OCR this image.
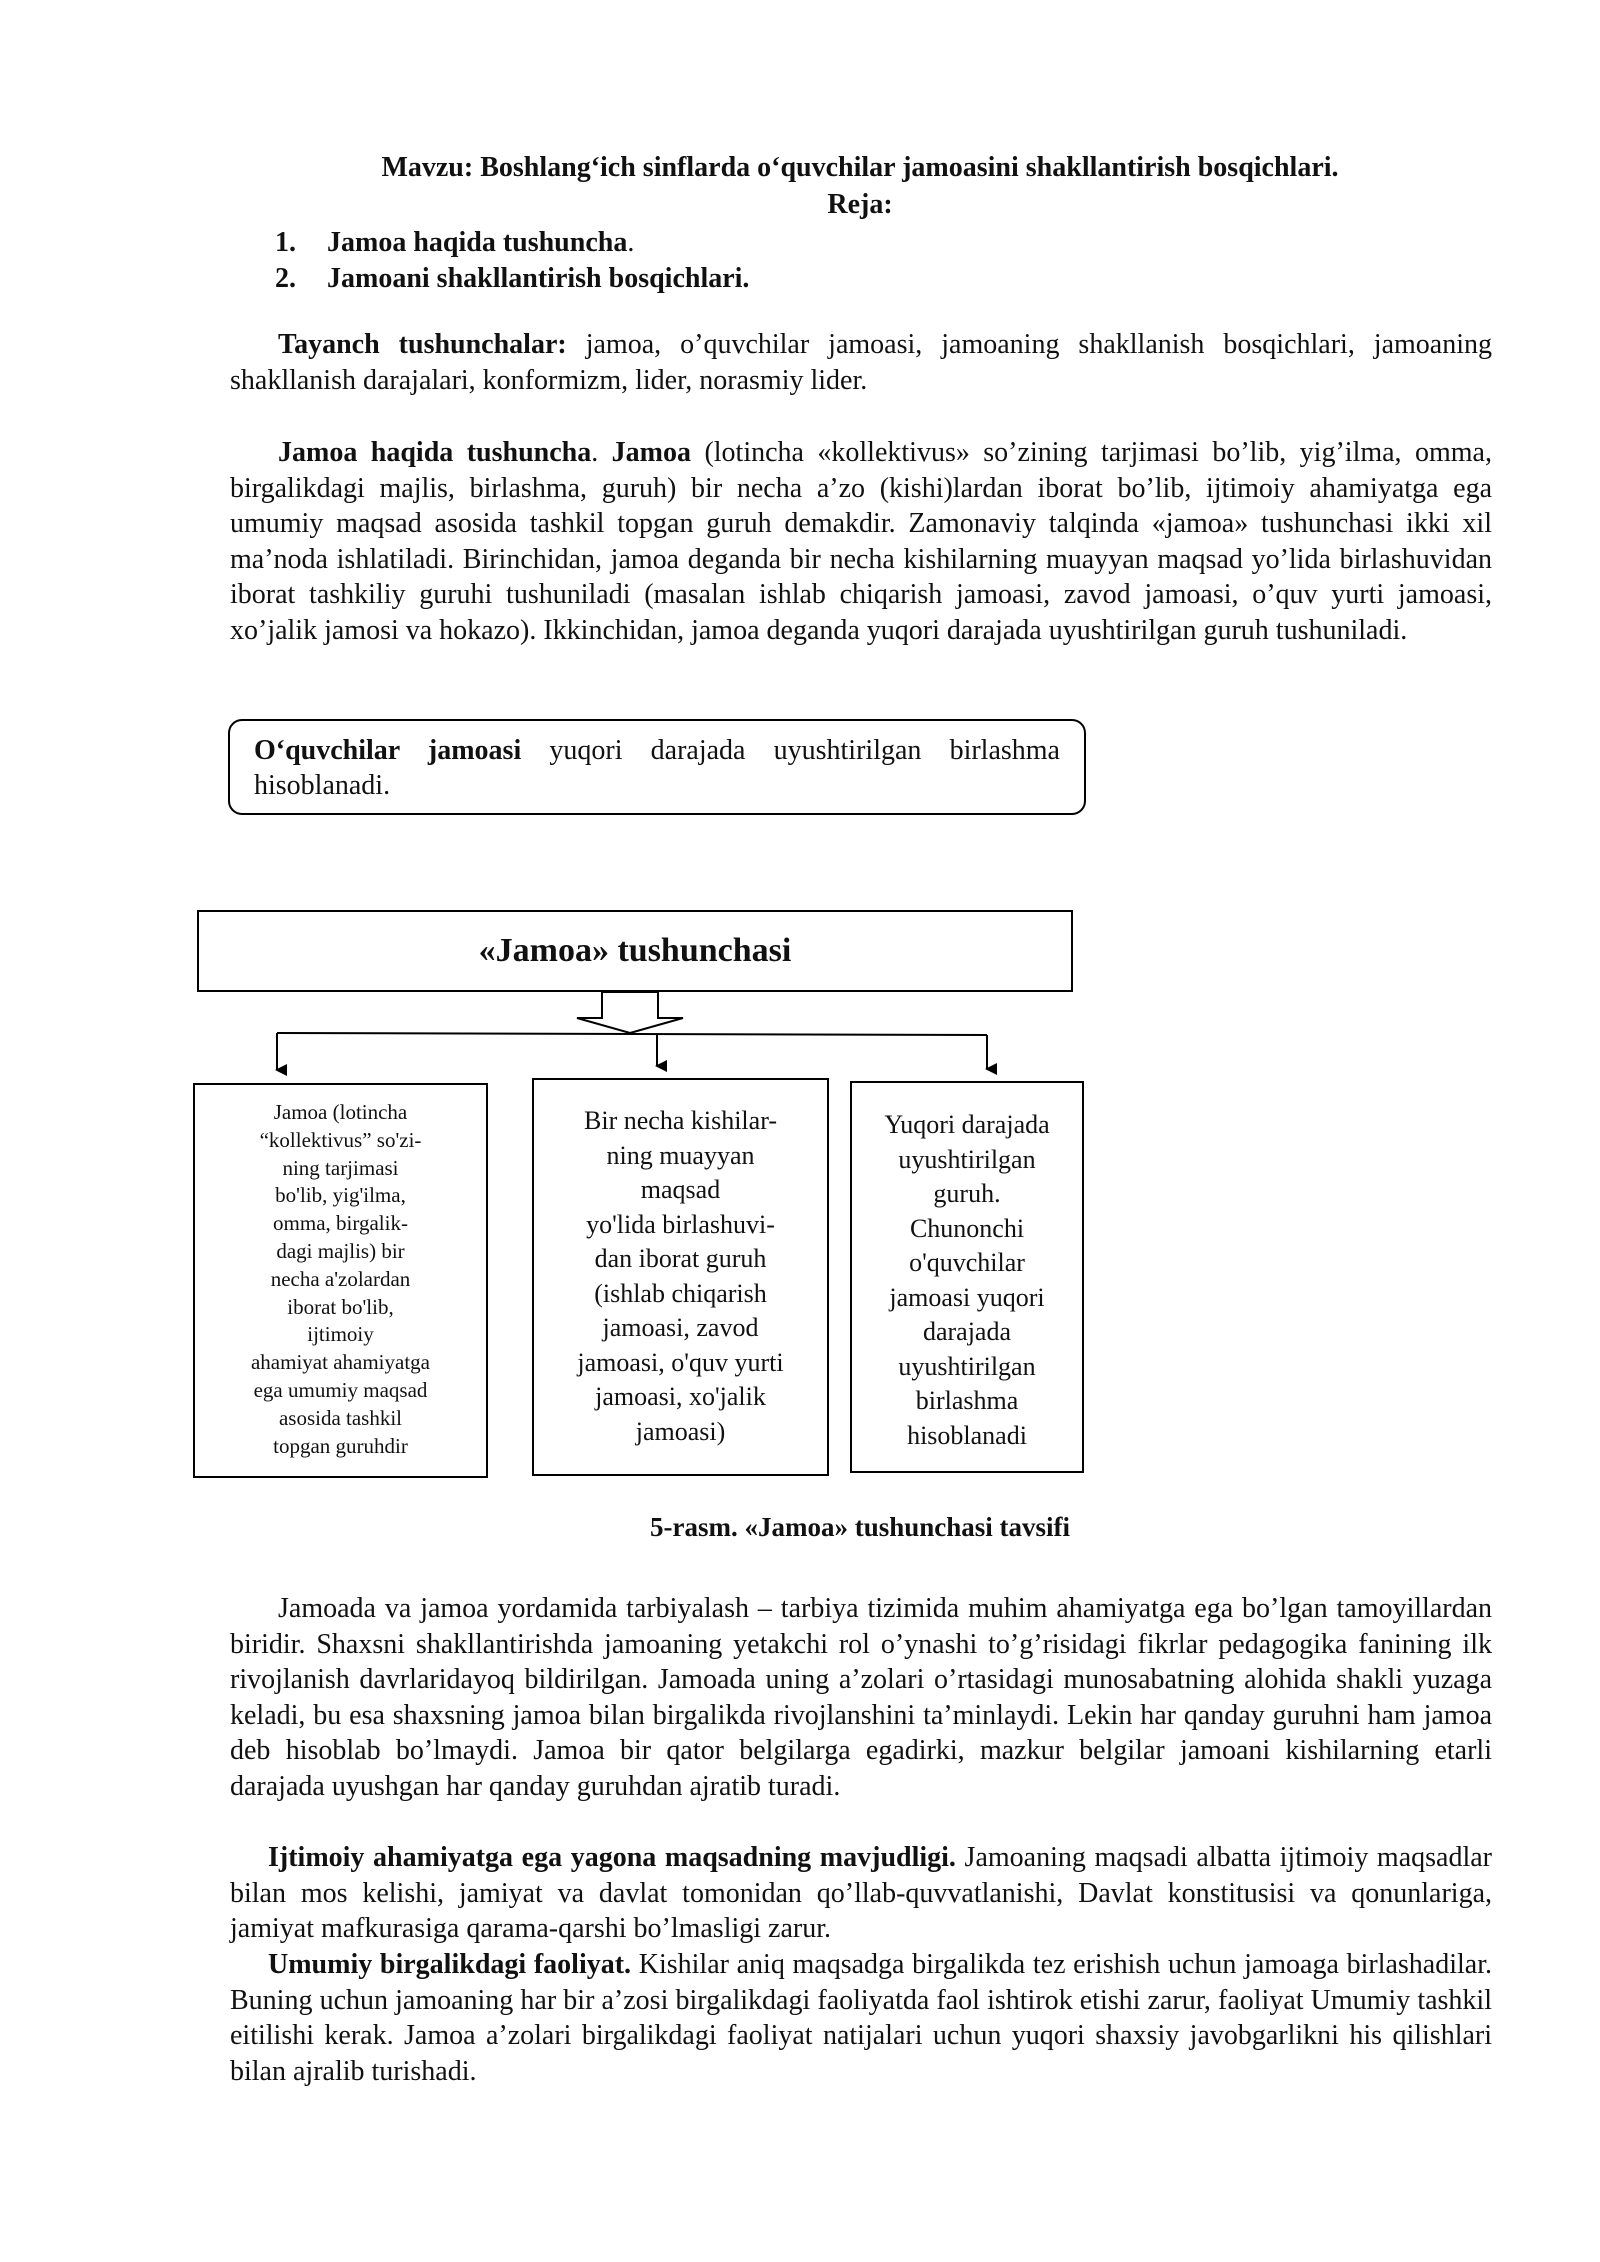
Mavzu: Boshlang‘ich sinflarda o‘quvchilar jamoasini shakllantirish bosqichlari.
Reja:
1. Jamoa haqida tushuncha.
2. Jamoani shakllantirish bosqichlari.

Tayanch tushunchalar: jamoa, o’quvchilar jamoasi, jamoaning shakllanish bosqichlari, jamoaning shakllanish darajalari, konformizm, lider, norasmiy lider.

Jamoa haqida tushuncha. Jamoa (lotincha «kollektivus» so’zining tarjimasi bo’lib, yig’ilma, omma, birgalikdagi majlis, birlashma, guruh) bir necha a’zo (kishi)lardan iborat bo’lib, ijtimoiy ahamiyatga ega umumiy maqsad asosida tashkil topgan guruh demakdir. Zamonaviy talqinda «jamoa» tushunchasi ikki xil ma’noda ishlatiladi. Birinchidan, jamoa deganda bir necha kishilarning muayyan maqsad yo’lida birlashuvidan iborat tashkiliy guruhi tushuniladi (masalan ishlab chiqarish jamoasi, zavod jamoasi, o’quv yurti jamoasi, xo’jalik jamosi va hokazo). Ikkinchidan, jamoa deganda yuqori darajada uyushtirilgan guruh tushuniladi.

O‘quvchilar jamoasi yuqori darajada uyushtirilgan birlashma hisoblanadi.
«Jamoa» tushunchasi
Jamoa (lotincha
“kollektivus” so'zi-
ning tarjimasi
bo'lib, yig'ilma,
omma, birgalik-
dagi majlis) bir
necha a'zolardan
iborat bo'lib,
ijtimoiy
ahamiyat ahamiyatga
ega umumiy maqsad
asosida tashkil
topgan guruhdir
Bir necha kishilar-
ning muayyan
maqsad
yo'lida birlashuvi-
dan iborat guruh
(ishlab chiqarish
jamoasi, zavod
jamoasi, o'quv yurti
jamoasi, xo'jalik
jamoasi)
Yuqori darajada
uyushtirilgan
guruh.
Chunonchi
o'quvchilar
jamoasi yuqori
darajada
uyushtirilgan
birlashma
hisoblanadi
5-rasm. «Jamoa» tushunchasi tavsifi

Jamoada va jamoa yordamida tarbiyalash – tarbiya tizimida muhim ahamiyatga ega bo’lgan tamoyillardan biridir. Shaxsni shakllantirishda jamoaning yetakchi rol o’ynashi to’g’risidagi fikrlar pedagogika fanining ilk rivojlanish davrlaridayoq bildirilgan. Jamoada uning a’zolari o’rtasidagi munosabatning alohida shakli yuzaga keladi, bu esa shaxsning jamoa bilan birgalikda rivojlanshini ta’minlaydi. Lekin har qanday guruhni ham jamoa deb hisoblab bo’lmaydi. Jamoa bir qator belgilarga egadirki, mazkur belgilar jamoani kishilarning etarli darajada uyushgan har qanday guruhdan ajratib turadi.

Ijtimoiy ahamiyatga ega yagona maqsadning mavjudligi. Jamoaning maqsadi albatta ijtimoiy maqsadlar bilan mos kelishi, jamiyat va davlat tomonidan qo’llab-quvvatlanishi, Davlat konstitusisi va qonunlariga, jamiyat mafkurasiga qarama-qarshi bo’lmasligi zarur.

Umumiy birgalikdagi faoliyat. Kishilar aniq maqsadga birgalikda tez erishish uchun jamoaga birlashadilar. Buning uchun jamoaning har bir a’zosi birgalikdagi faoliyatda faol ishtirok etishi zarur, faoliyat Umumiy tashkil eitilishi kerak. Jamoa a’zolari birgalikdagi faoliyat natijalari uchun yuqori shaxsiy javobgarlikni his qilishlari bilan ajralib turishadi.
